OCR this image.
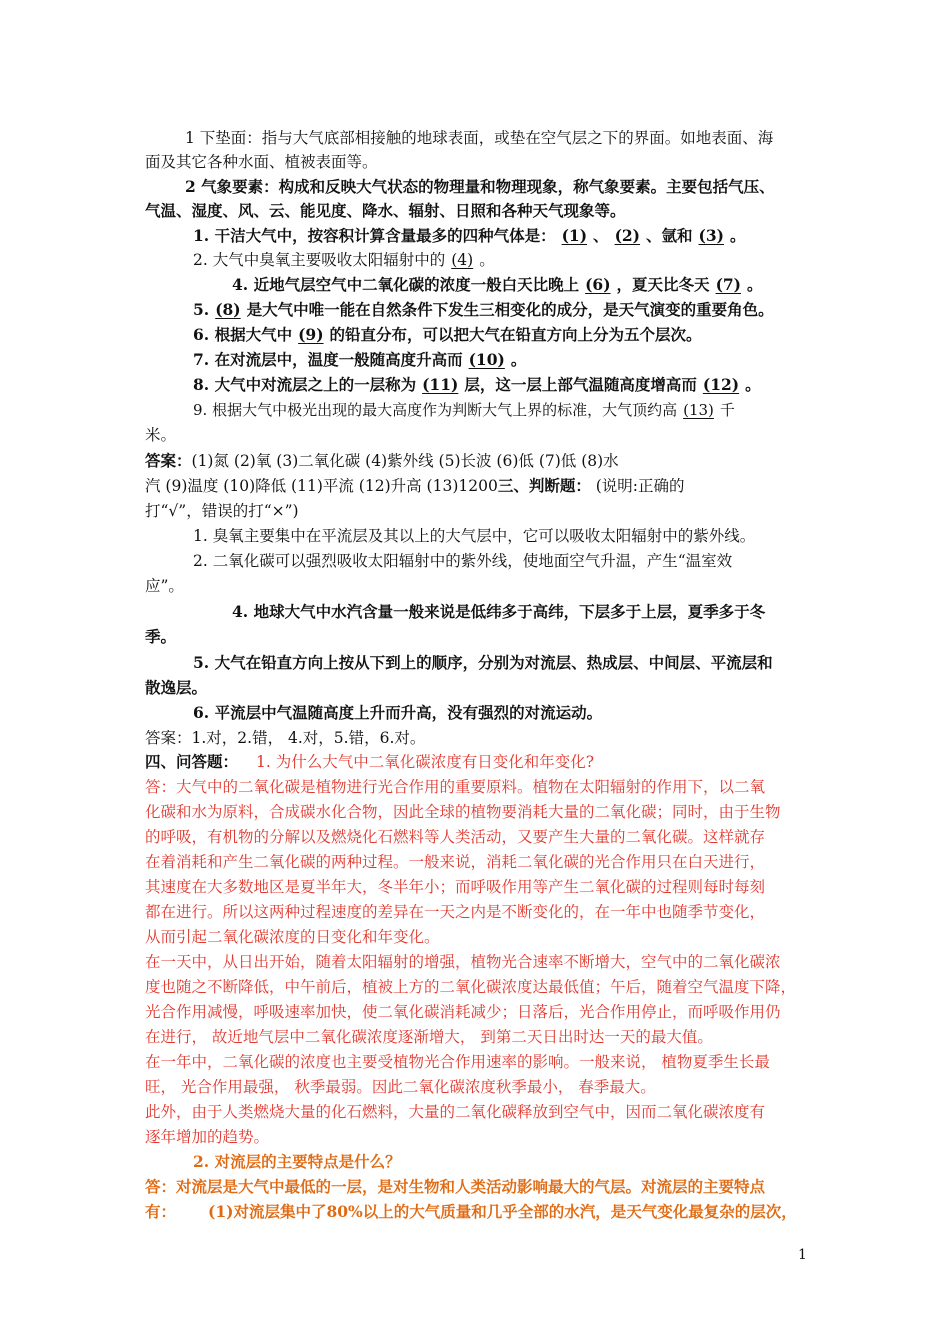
1 下垫面：指与大气底部相接触的地球表面，或垫在空气层之下的界面。如地表面、海
面及其它各种水面、植被表面等。
2 气象要素：构成和反映大气状态的物理量和物理现象，称气象要素。主要包括气压、
气温、湿度、风、云、能见度、降水、辐射、日照和各种天气现象等。
1. 干洁大气中，按容积计算含量最多的四种气体是： (1) 、 (2) 、氩和 (3) 。
2. 大气中臭氧主要吸收太阳辐射中的 (4) 。
4. 近地气层空气中二氧化碳的浓度一般白天比晚上 (6) ，夏天比冬天 (7) 。
5. (8) 是大气中唯一能在自然条件下发生三相变化的成分，是天气演变的重要角色。
6. 根据大气中 (9) 的铅直分布，可以把大气在铅直方向上分为五个层次。
7. 在对流层中，温度一般随高度升高而 (10) 。
8. 大气中对流层之上的一层称为 (11) 层，这一层上部气温随高度增高而 (12) 。
9. 根据大气中极光出现的最大高度作为判断大气上界的标准，大气顶约高 (13) 千
米。
答案：(1)氮 (2)氧 (3)二氧化碳 (4)紫外线 (5)长波 (6)低 (7)低 (8)水
汽 (9)温度 (10)降低 (11)平流 (12)升高 (13)1200三、判断题： (说明:正确的
打“√”，错误的打“×”)
1. 臭氧主要集中在平流层及其以上的大气层中，它可以吸收太阳辐射中的紫外线。
2. 二氧化碳可以强烈吸收太阳辐射中的紫外线，使地面空气升温，产生“温室效
应”。
4. 地球大气中水汽含量一般来说是低纬多于高纬，下层多于上层，夏季多于冬
季。
5. 大气在铅直方向上按从下到上的顺序，分别为对流层、热成层、中间层、平流层和
散逸层。
6. 平流层中气温随高度上升而升高，没有强烈的对流运动。
答案：1.对，2.错， 4.对，5.错，6.对。
四、问答题： 1. 为什么大气中二氧化碳浓度有日变化和年变化?
答：大气中的二氧化碳是植物进行光合作用的重要原料。植物在太阳辐射的作用下，以二氧
化碳和水为原料，合成碳水化合物，因此全球的植物要消耗大量的二氧化碳；同时，由于生物
的呼吸，有机物的分解以及燃烧化石燃料等人类活动，又要产生大量的二氧化碳。这样就存
在着消耗和产生二氧化碳的两种过程。一般来说，消耗二氧化碳的光合作用只在白天进行，
其速度在大多数地区是夏半年大，冬半年小；而呼吸作用等产生二氧化碳的过程则每时每刻
都在进行。所以这两种过程速度的差异在一天之内是不断变化的，在一年中也随季节变化，
从而引起二氧化碳浓度的日变化和年变化。
在一天中，从日出开始，随着太阳辐射的增强，植物光合速率不断增大，空气中的二氧化碳浓
度也随之不断降低，中午前后，植被上方的二氧化碳浓度达最低值；午后，随着空气温度下降，
光合作用减慢，呼吸速率加快，使二氧化碳消耗减少；日落后，光合作用停止，而呼吸作用仍
在进行， 故近地气层中二氧化碳浓度逐渐增大， 到第二天日出时达一天的最大值。
在一年中，二氧化碳的浓度也主要受植物光合作用速率的影响。一般来说， 植物夏季生长最
旺， 光合作用最强， 秋季最弱。因此二氧化碳浓度秋季最小， 春季最大。
此外，由于人类燃烧大量的化石燃料，大量的二氧化碳释放到空气中，因而二氧化碳浓度有
逐年增加的趋势。
2. 对流层的主要特点是什么？
答：对流层是大气中最低的一层，是对生物和人类活动影响最大的气层。对流层的主要特点
有： (1)对流层集中了80%以上的大气质量和几乎全部的水汽，是天气变化最复杂的层次，
1
